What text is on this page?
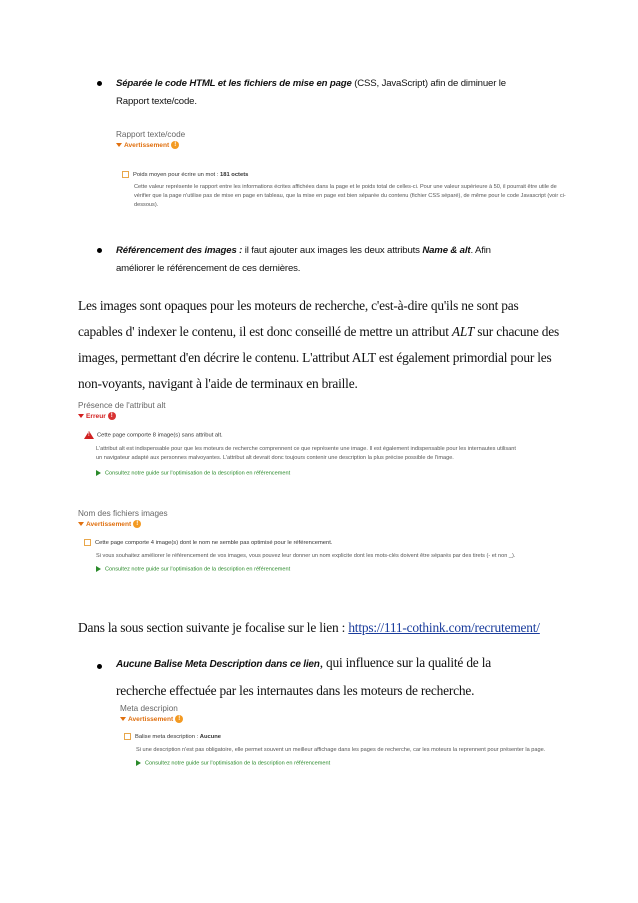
Séparée le code HTML et les fichiers de mise en page (CSS, JavaScript) afin de diminuer le
Rapport texte/code.
Rapport texte/code
Avertissement !
Poids moyen pour écrire un mot : 181 octets
Cette valeur représente le rapport entre les informations écrites affichées dans la page et le poids total de celles-ci. Pour une valeur supérieure à 50, il pourrait être utile de
vérifier que la page n'utilise pas de mise en page en tableau, que la mise en page est bien séparée du contenu (fichier CSS séparé), de même pour le code Javascript (voir ci-
dessous).
Référencement des images : il faut ajouter aux images les deux attributs Name & alt. Afin
améliorer le référencement de ces dernières.
Les images sont opaques pour les moteurs de recherche, c'est-à-dire qu'ils ne sont pas
capables d' indexer le contenu, il est donc conseillé de mettre un attribut ALT sur chacune des
images, permettant d'en décrire le contenu. L'attribut ALT est également primordial pour les
non-voyants, navigant à l'aide de terminaux en braille.
Présence de l'attribut alt
Erreur !
! Cette page comporte 8 image(s) sans attribut alt.
L'attribut alt est indispensable pour que les moteurs de recherche comprennent ce que représente une image. Il est également indispensable pour les internautes utilisant
un navigateur adapté aux personnes malvoyantes. L'attribut alt devrait donc toujours contenir une description la plus précise possible de l'image.
Consultez notre guide sur l'optimisation de la description en référencement
Nom des fichiers images
Avertissement !
Cette page comporte 4 image(s) dont le nom ne semble pas optimisé pour le référencement.
Si vous souhaitez améliorer le référencement de vos images, vous pouvez leur donner un nom explicite dont les mots-clés doivent être séparés par des tirets (- et non _).
Consultez notre guide sur l'optimisation de la description en référencement
Dans la sous section suivante je focalise sur le lien : https://111-cothink.com/recrutement/
Aucune Balise Meta Description dans ce lien, qui influence sur la qualité de la
recherche effectuée par les internautes dans les moteurs de recherche.
Meta descripion
Avertissement !
Balise meta description : Aucune
Si une description n'est pas obligatoire, elle permet souvent un meilleur affichage dans les pages de recherche, car les moteurs la reprennent pour présenter la page.
Consultez notre guide sur l'optimisation de la description en référencement
